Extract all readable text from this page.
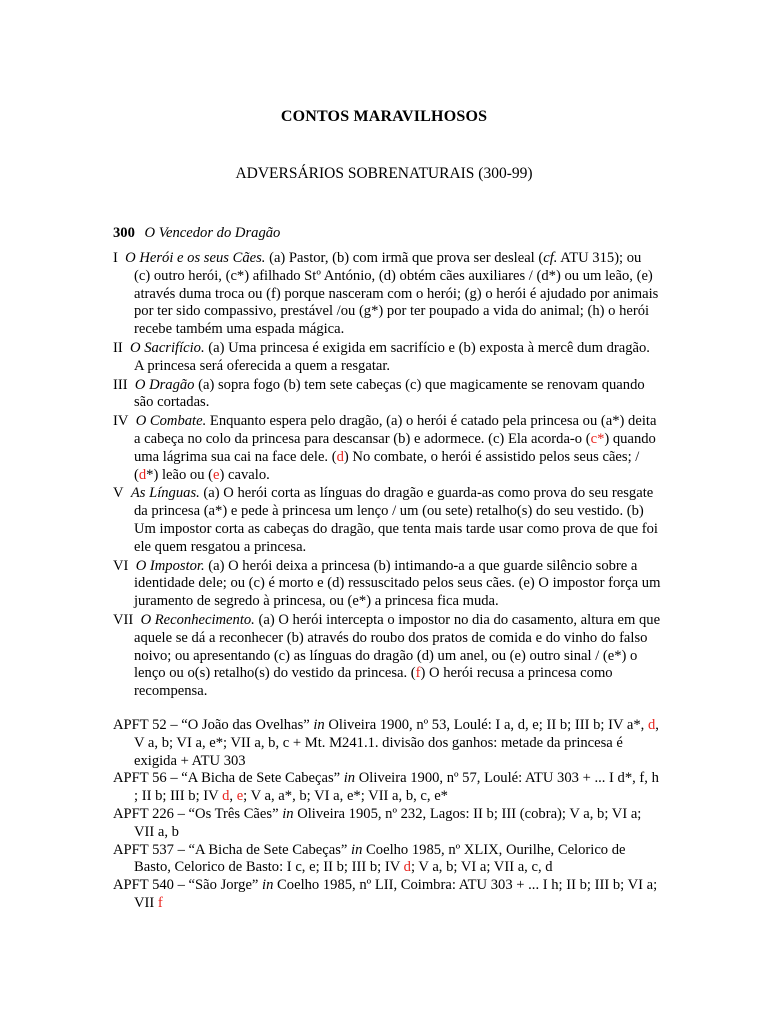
CONTOS MARAVILHOSOS
ADVERSÁRIOS SOBRENATURAIS (300-99)
300 O Vencedor do Dragão

I O Herói e os seus Cães. (a) Pastor, (b) com irmã que prova ser desleal (cf. ATU 315); ou (c) outro herói, (c*) afilhado Stº António, (d) obtém cães auxiliares / (d*) ou um leão, (e) através duma troca ou (f) porque nasceram com o herói; (g) o herói é ajudado por animais por ter sido compassivo, prestável /ou (g*) por ter poupado a vida do animal; (h) o herói recebe também uma espada mágica.

II O Sacrifício. (a) Uma princesa é exigida em sacrifício e (b) exposta à mercê dum dragão. A princesa será oferecida a quem a resgatar.

III O Dragão (a) sopra fogo (b) tem sete cabeças (c) que magicamente se renovam quando são cortadas.

IV O Combate. Enquanto espera pelo dragão, (a) o herói é catado pela princesa ou (a*) deita a cabeça no colo da princesa para descansar (b) e adormece. (c) Ela acorda-o (c*) quando uma lágrima sua cai na face dele. (d) No combate, o herói é assistido pelos seus cães; / (d*) leão ou (e) cavalo.

V As Línguas. (a) O herói corta as línguas do dragão e guarda-as como prova do seu resgate da princesa (a*) e pede à princesa um lenço / um (ou sete) retalho(s) do seu vestido. (b) Um impostor corta as cabeças do dragão, que tenta mais tarde usar como prova de que foi ele quem resgatou a princesa.

VI O Impostor. (a) O herói deixa a princesa (b) intimando-a a que guarde silêncio sobre a identidade dele; ou (c) é morto e (d) ressuscitado pelos seus cães. (e) O impostor força um juramento de segredo à princesa, ou (e*) a princesa fica muda.

VII O Reconhecimento. (a) O herói intercepta o impostor no dia do casamento, altura em que aquele se dá a reconhecer (b) através do roubo dos pratos de comida e do vinho do falso noivo; ou apresentando (c) as línguas do dragão (d) um anel, ou (e) outro sinal / (e*) o lenço ou o(s) retalho(s) do vestido da princesa. (f) O herói recusa a princesa como recompensa.

APFT 52 – “O João das Ovelhas” in Oliveira 1900, nº 53, Loulé: I a, d, e; II b; III b; IV a*, d, V a, b; VI a, e*; VII a, b, c + Mt. M241.1. divisão dos ganhos: metade da princesa é exigida + ATU 303

APFT 56 – “A Bicha de Sete Cabeças” in Oliveira 1900, nº 57, Loulé: ATU 303 + ... I d*, f, h ; II b; III b; IV d, e; V a, a*, b; VI a, e*; VII a, b, c, e*

APFT 226 – “Os Três Cães” in Oliveira 1905, nº 232, Lagos: II b; III (cobra); V a, b; VI a; VII a, b

APFT 537 – “A Bicha de Sete Cabeças” in Coelho 1985, nº XLIX, Ourilhe, Celorico de Basto, Celorico de Basto: I c, e; II b; III b; IV d; V a, b; VI a; VII a, c, d

APFT 540 – “São Jorge” in Coelho 1985, nº LII, Coimbra: ATU 303 + ... I h; II b; III b; VI a; VII f
